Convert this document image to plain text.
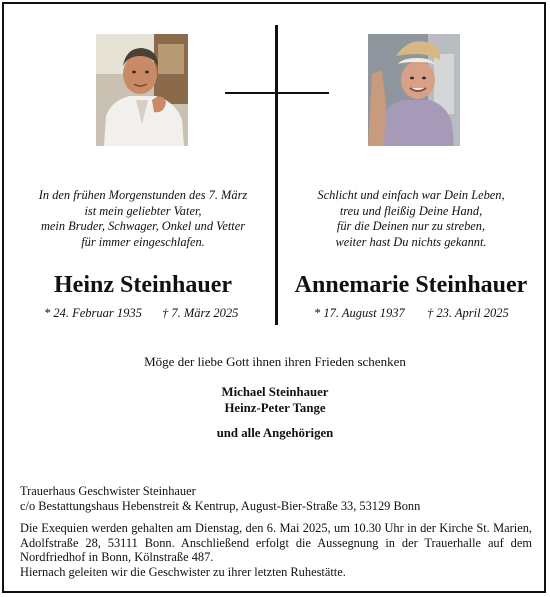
In den frühen Morgenstunden des 7. März
ist mein geliebter Vater,
mein Bruder, Schwager, Onkel und Vetter
für immer eingeschlafen.
Schlicht und einfach war Dein Leben,
treu und fleißig Deine Hand,
für die Deinen nur zu streben,
weiter hast Du nichts gekannt.
Heinz Steinhauer	Annemarie Steinhauer
* 24. Februar 1935 † 7. März 2025	* 17. August 1937 † 23. April 2025
Möge der liebe Gott ihnen ihren Frieden schenken
Michael Steinhauer
Heinz-Peter Tange
und alle Angehörigen
Trauerhaus Geschwister Steinhauer
c/o Bestattungshaus Hebenstreit & Kentrup, August-Bier-Straße 33, 53129 Bonn
Die Exequien werden gehalten am Dienstag, den 6. Mai 2025, um 10.30 Uhr in der Kirche St. Marien, Adolfstraße 28, 53111 Bonn. Anschließend erfolgt die Aussegnung in der Trauerhalle auf dem Nordfriedhof in Bonn, Kölnstraße 487.
Hiernach geleiten wir die Geschwister zu ihrer letzten Ruhestätte.
